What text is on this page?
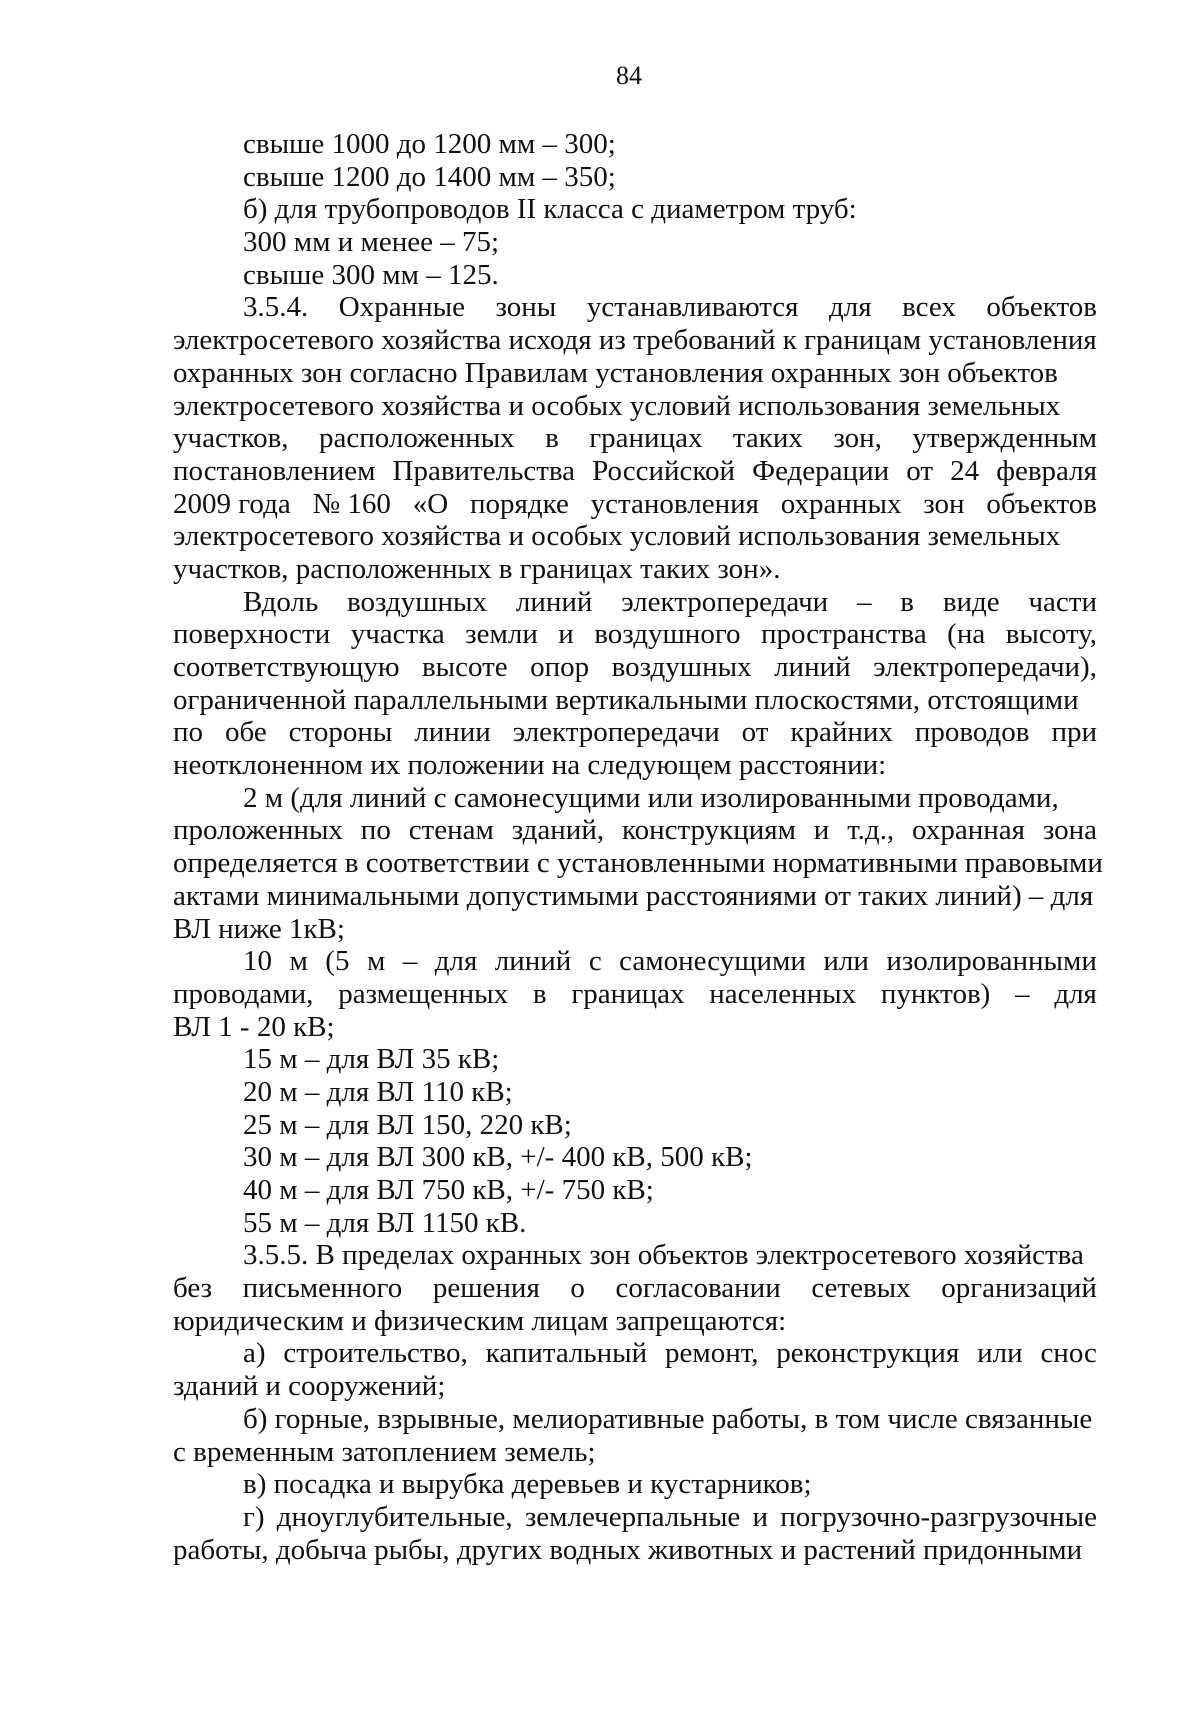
84
свыше 1000 до 1200 мм – 300;
свыше 1200 до 1400 мм – 350;
б) для трубопроводов II класса с диаметром труб:
300 мм и менее – 75;
свыше 300 мм – 125.
3.5.4. Охранные зоны устанавливаются для всех объектов
электросетевого хозяйства исходя из требований к границам установления
охранных зон согласно Правилам установления охранных зон объектов
электросетевого хозяйства и особых условий использования земельных
участков, расположенных в границах таких зон, утвержденным
постановлением Правительства Российской Федерации от 24 февраля
2009 года № 160 «О порядке установления охранных зон объектов
электросетевого хозяйства и особых условий использования земельных
участков, расположенных в границах таких зон».
Вдоль воздушных линий электропередачи – в виде части
поверхности участка земли и воздушного пространства (на высоту,
соответствующую высоте опор воздушных линий электропередачи),
ограниченной параллельными вертикальными плоскостями, отстоящими
по обе стороны линии электропередачи от крайних проводов при
неотклоненном их положении на следующем расстоянии:
2 м (для линий с самонесущими или изолированными проводами,
проложенных по стенам зданий, конструкциям и т.д., охранная зона
определяется в соответствии с установленными нормативными правовыми
актами минимальными допустимыми расстояниями от таких линий) – для
ВЛ ниже 1кВ;
10 м (5 м – для линий с самонесущими или изолированными
проводами, размещенных в границах населенных пунктов) – для
ВЛ 1 - 20 кВ;
15 м – для ВЛ 35 кВ;
20 м – для ВЛ 110 кВ;
25 м – для ВЛ 150, 220 кВ;
30 м – для ВЛ 300 кВ, +/- 400 кВ, 500 кВ;
40 м – для ВЛ 750 кВ, +/- 750 кВ;
55 м – для ВЛ 1150 кВ.
3.5.5. В пределах охранных зон объектов электросетевого хозяйства
без письменного решения о согласовании сетевых организаций
юридическим и физическим лицам запрещаются:
а) строительство, капитальный ремонт, реконструкция или снос
зданий и сооружений;
б) горные, взрывные, мелиоративные работы, в том числе связанные
с временным затоплением земель;
в) посадка и вырубка деревьев и кустарников;
г) дноуглубительные, землечерпальные и погрузочно-разгрузочные
работы, добыча рыбы, других водных животных и растений придонными
